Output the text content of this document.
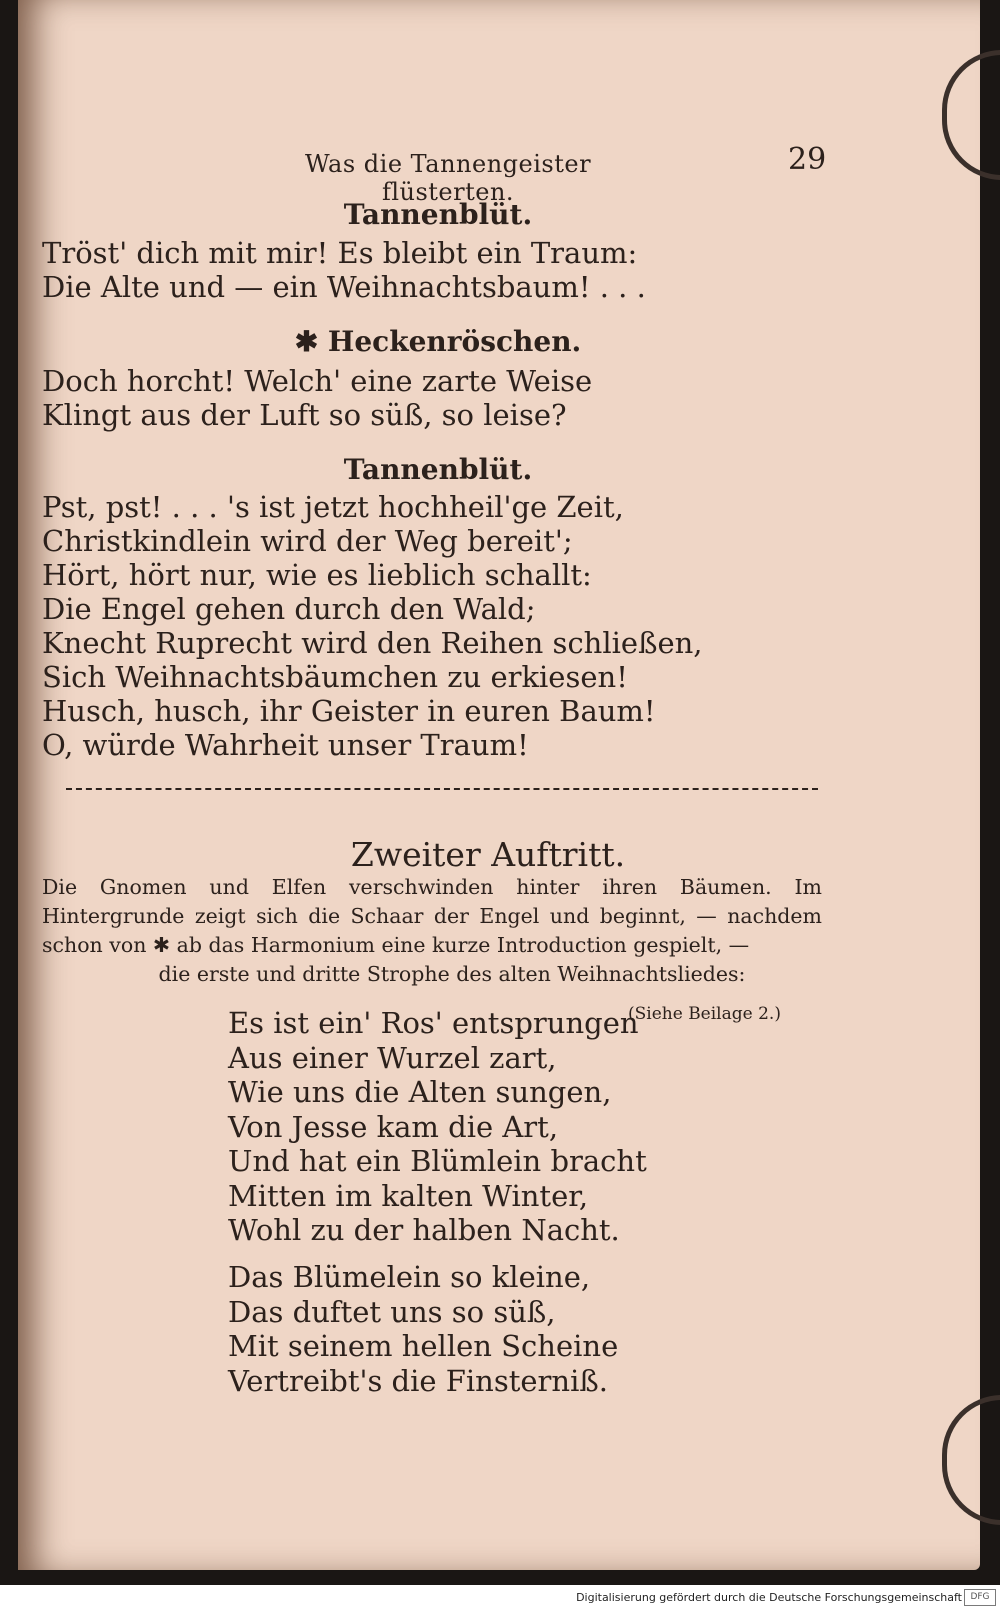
Was die Tannengeister flüsterten.
29
Tannenblüt.
Tröst' dich mit mir! Es bleibt ein Traum:
Die Alte und — ein Weihnachtsbaum! . . .
✱ Heckenröschen.
Doch horcht! Welch' eine zarte Weise
Klingt aus der Luft so süß, so leise?
Tannenblüt.
Pst, pst! . . . 's ist jetzt hochheil'ge Zeit,
Christkindlein wird der Weg bereit';
Hört, hört nur, wie es lieblich schallt:
Die Engel gehen durch den Wald;
Knecht Ruprecht wird den Reihen schließen,
Sich Weihnachtsbäumchen zu erkiesen!
Husch, husch, ihr Geister in euren Baum!
O, würde Wahrheit unser Traum!
Zweiter Auftritt.
Die Gnomen und Elfen verschwinden hinter ihren Bäumen. Im Hintergrunde zeigt sich die Schaar der Engel und beginnt, — nachdem schon von ✱ ab das Harmonium eine kurze Introduction gespielt, —
die erste und dritte Strophe des alten Weihnachtsliedes:
(Siehe Beilage 2.)
Es ist ein' Ros' entsprungen
Aus einer Wurzel zart,
Wie uns die Alten sungen,
Von Jesse kam die Art,
Und hat ein Blümlein bracht
Mitten im kalten Winter,
Wohl zu der halben Nacht.
Das Blümelein so kleine,
Das duftet uns so süß,
Mit seinem hellen Scheine
Vertreibt's die Finsterniß.
Digitalisierung gefördert durch die Deutsche Forschungsgemeinschaft DFG
